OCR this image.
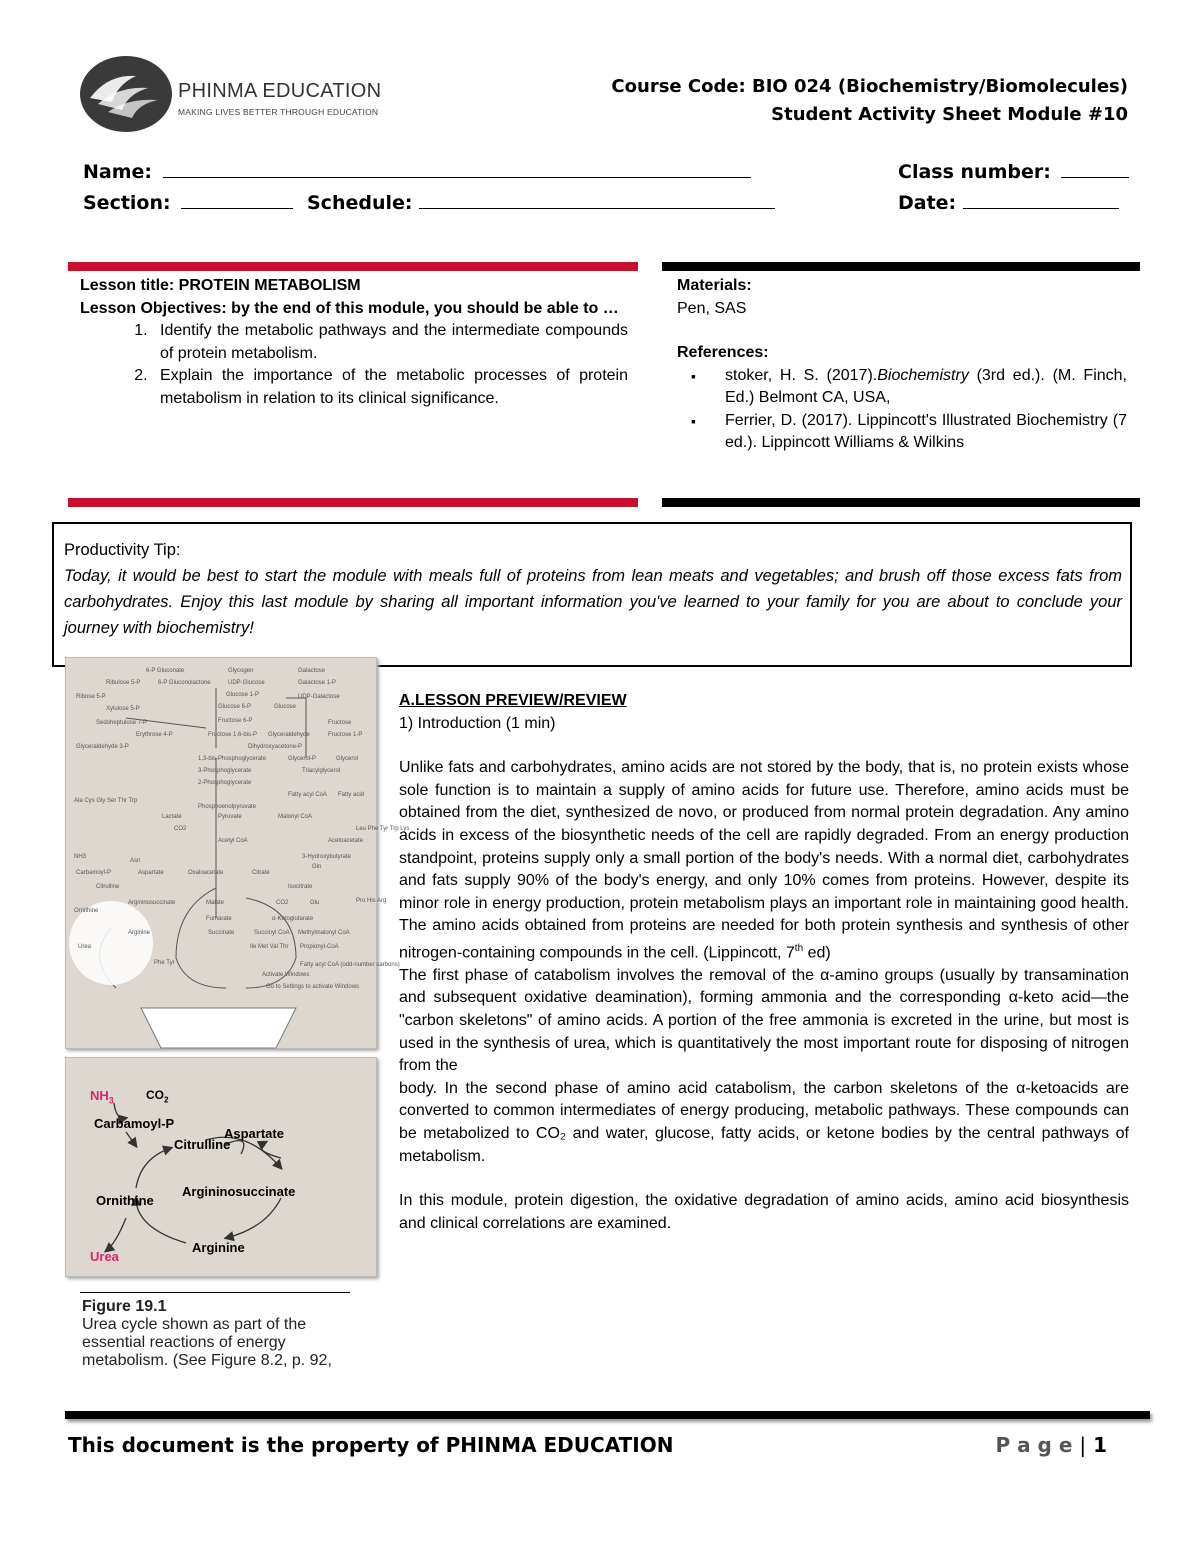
PHINMA EDUCATION
MAKING LIVES BETTER THROUGH EDUCATION
Course Code: BIO 024 (Biochemistry/Biomolecules)
Student Activity Sheet Module #10
Name:	Class number:
Section:	Schedule:	Date:
Lesson title: PROTEIN METABOLISM
Lesson Objectives: by the end of this module, you should be able to …
1. Identify the metabolic pathways and the intermediate compounds of protein metabolism.
2. Explain the importance of the metabolic processes of protein metabolism in relation to its clinical significance.
Materials:
Pen, SAS
References:
▪ stoker, H. S. (2017).Biochemistry (3rd ed.). (M. Finch, Ed.) Belmont CA, USA,
▪ Ferrier, D. (2017). Lippincott's Illustrated Biochemistry (7 ed.). Lippincott Williams & Wilkins
Productivity Tip:
Today, it would be best to start the module with meals full of proteins from lean meats and vegetables; and brush off those excess fats from carbohydrates. Enjoy this last module by sharing all important information you've learned to your family for you are about to conclude your journey with biochemistry!
6-P Gluconate	Glycogen	Galactose
Ribulose 5-P	6-P Gluconolactone	UDP-Glucose	Galactose 1-P
Ribose 5-P	Glucose 1-P	UDP-Galactose
Xylulose 5-P	Glucose 6-P	Glucose
Sedoheptulose 7-P
Erythrose 4-P
Fructose 6-P	Fructose
Fructose 1,6-bis-P Glyceraldehyde	Fructose 1-P
Glyceraldehyde 3-P	Dihydroxyacetone-P
1,3-bis-Phosphoglycerate	Glycerol-P	Glycerol
3-Phosphoglycerate	Triacylglycerol
2-Phosphoglycerate
Fatty acyl CoA Fatty acid
Ala Cys Gly Ser Thr Trp
Phosphoenolpyruvate
Lactate	Pyruvate	Malonyl CoA
CO2	Leu Phe Tyr Trp Lys
Acetyl CoA	Acetoacetate
NH3
Asn
3-Hydroxybutyrate
Carbamoyl-P	Aspartate	Oxaloacetate	Citrate
Citrulline
Gln
Argininosuccinate
Isocitrate
Pro His Arg
Ornithine
Malate	CO2	Glu
Fumarate	α-Ketoglutarate
Arginine	Succinate	Succinyl CoA Methylmalonyl CoA
Urea	Ile Met Val Thr Propionyl-CoA
Phe Tyr	Fatty acyl CoA (odd-number carbons)
Activate Windows
Go to Settings to activate Windows
$NH_3$	$CO_2$
Carbamoyl-P
Citrulline
Aspartate
Argininosuccinate
Ornithine
Arginine
Urea
Figure 19.1
Urea cycle shown as part of the essential reactions of energy metabolism. (See Figure 8.2, p. 92,
A.LESSON PREVIEW/REVIEW
1) Introduction (1 min)
Unlike fats and carbohydrates, amino acids are not stored by the body, that is, no protein exists whose sole function is to maintain a supply of amino acids for future use. Therefore, amino acids must be obtained from the diet, synthesized de novo, or produced from normal protein degradation. Any amino acids in excess of the biosynthetic needs of the cell are rapidly degraded. From an energy production standpoint, proteins supply only a small portion of the body's needs. With a normal diet, carbohydrates and fats supply 90% of the body's energy, and only 10% comes from proteins. However, despite its minor role in energy production, protein metabolism plays an important role in maintaining good health. The amino acids obtained from proteins are needed for both protein synthesis and synthesis of other nitrogen-containing compounds in the cell. (Lippincott, 7th ed)
The first phase of catabolism involves the removal of the α-amino groups (usually by transamination and subsequent oxidative deamination), forming ammonia and the corresponding α-keto acid—the "carbon skeletons" of amino acids. A portion of the free ammonia is excreted in the urine, but most is used in the synthesis of urea, which is quantitatively the most important route for disposing of nitrogen from the
body. In the second phase of amino acid catabolism, the carbon skeletons of the α-ketoacids are converted to common intermediates of energy producing, metabolic pathways. These compounds can be metabolized to CO₂ and water, glucose, fatty acids, or ketone bodies by the central pathways of metabolism.
In this module, protein digestion, the oxidative degradation of amino acids, amino acid biosynthesis and clinical correlations are examined.
This document is the property of PHINMA EDUCATION	P a g e | 1
